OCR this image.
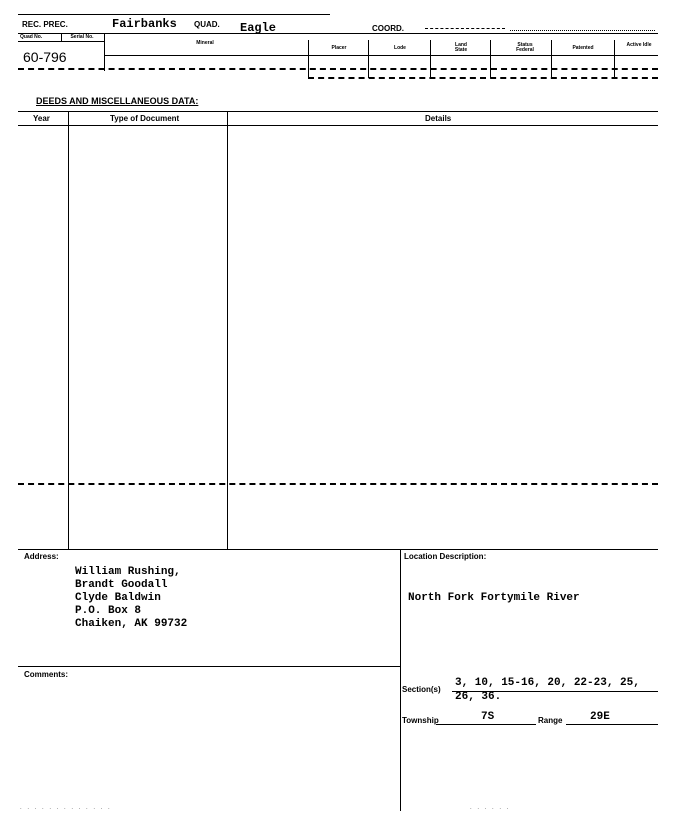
REC. PREC.	Fairbanks QUAD. Eagle	COORD.
Quad No.	Serial No.
Mineral
Placer	Lode	Land State
Status Federal	Patented	Active Idle
60-796
DEEDS AND MISCELLANEOUS DATA:
Year	Type of Document	Details
Address:
William Rushing,
Brandt Goodall
Clyde Baldwin
P.O. Box 8
Chaiken, AK 99732
Location Description:
North Fork Fortymile River
Comments:
Section(s)
3, 10, 15-16, 20, 22-23, 25,
26, 36.
Township	7S	Range	29E
. . . . . . . . . . . . .	. . . . . .
